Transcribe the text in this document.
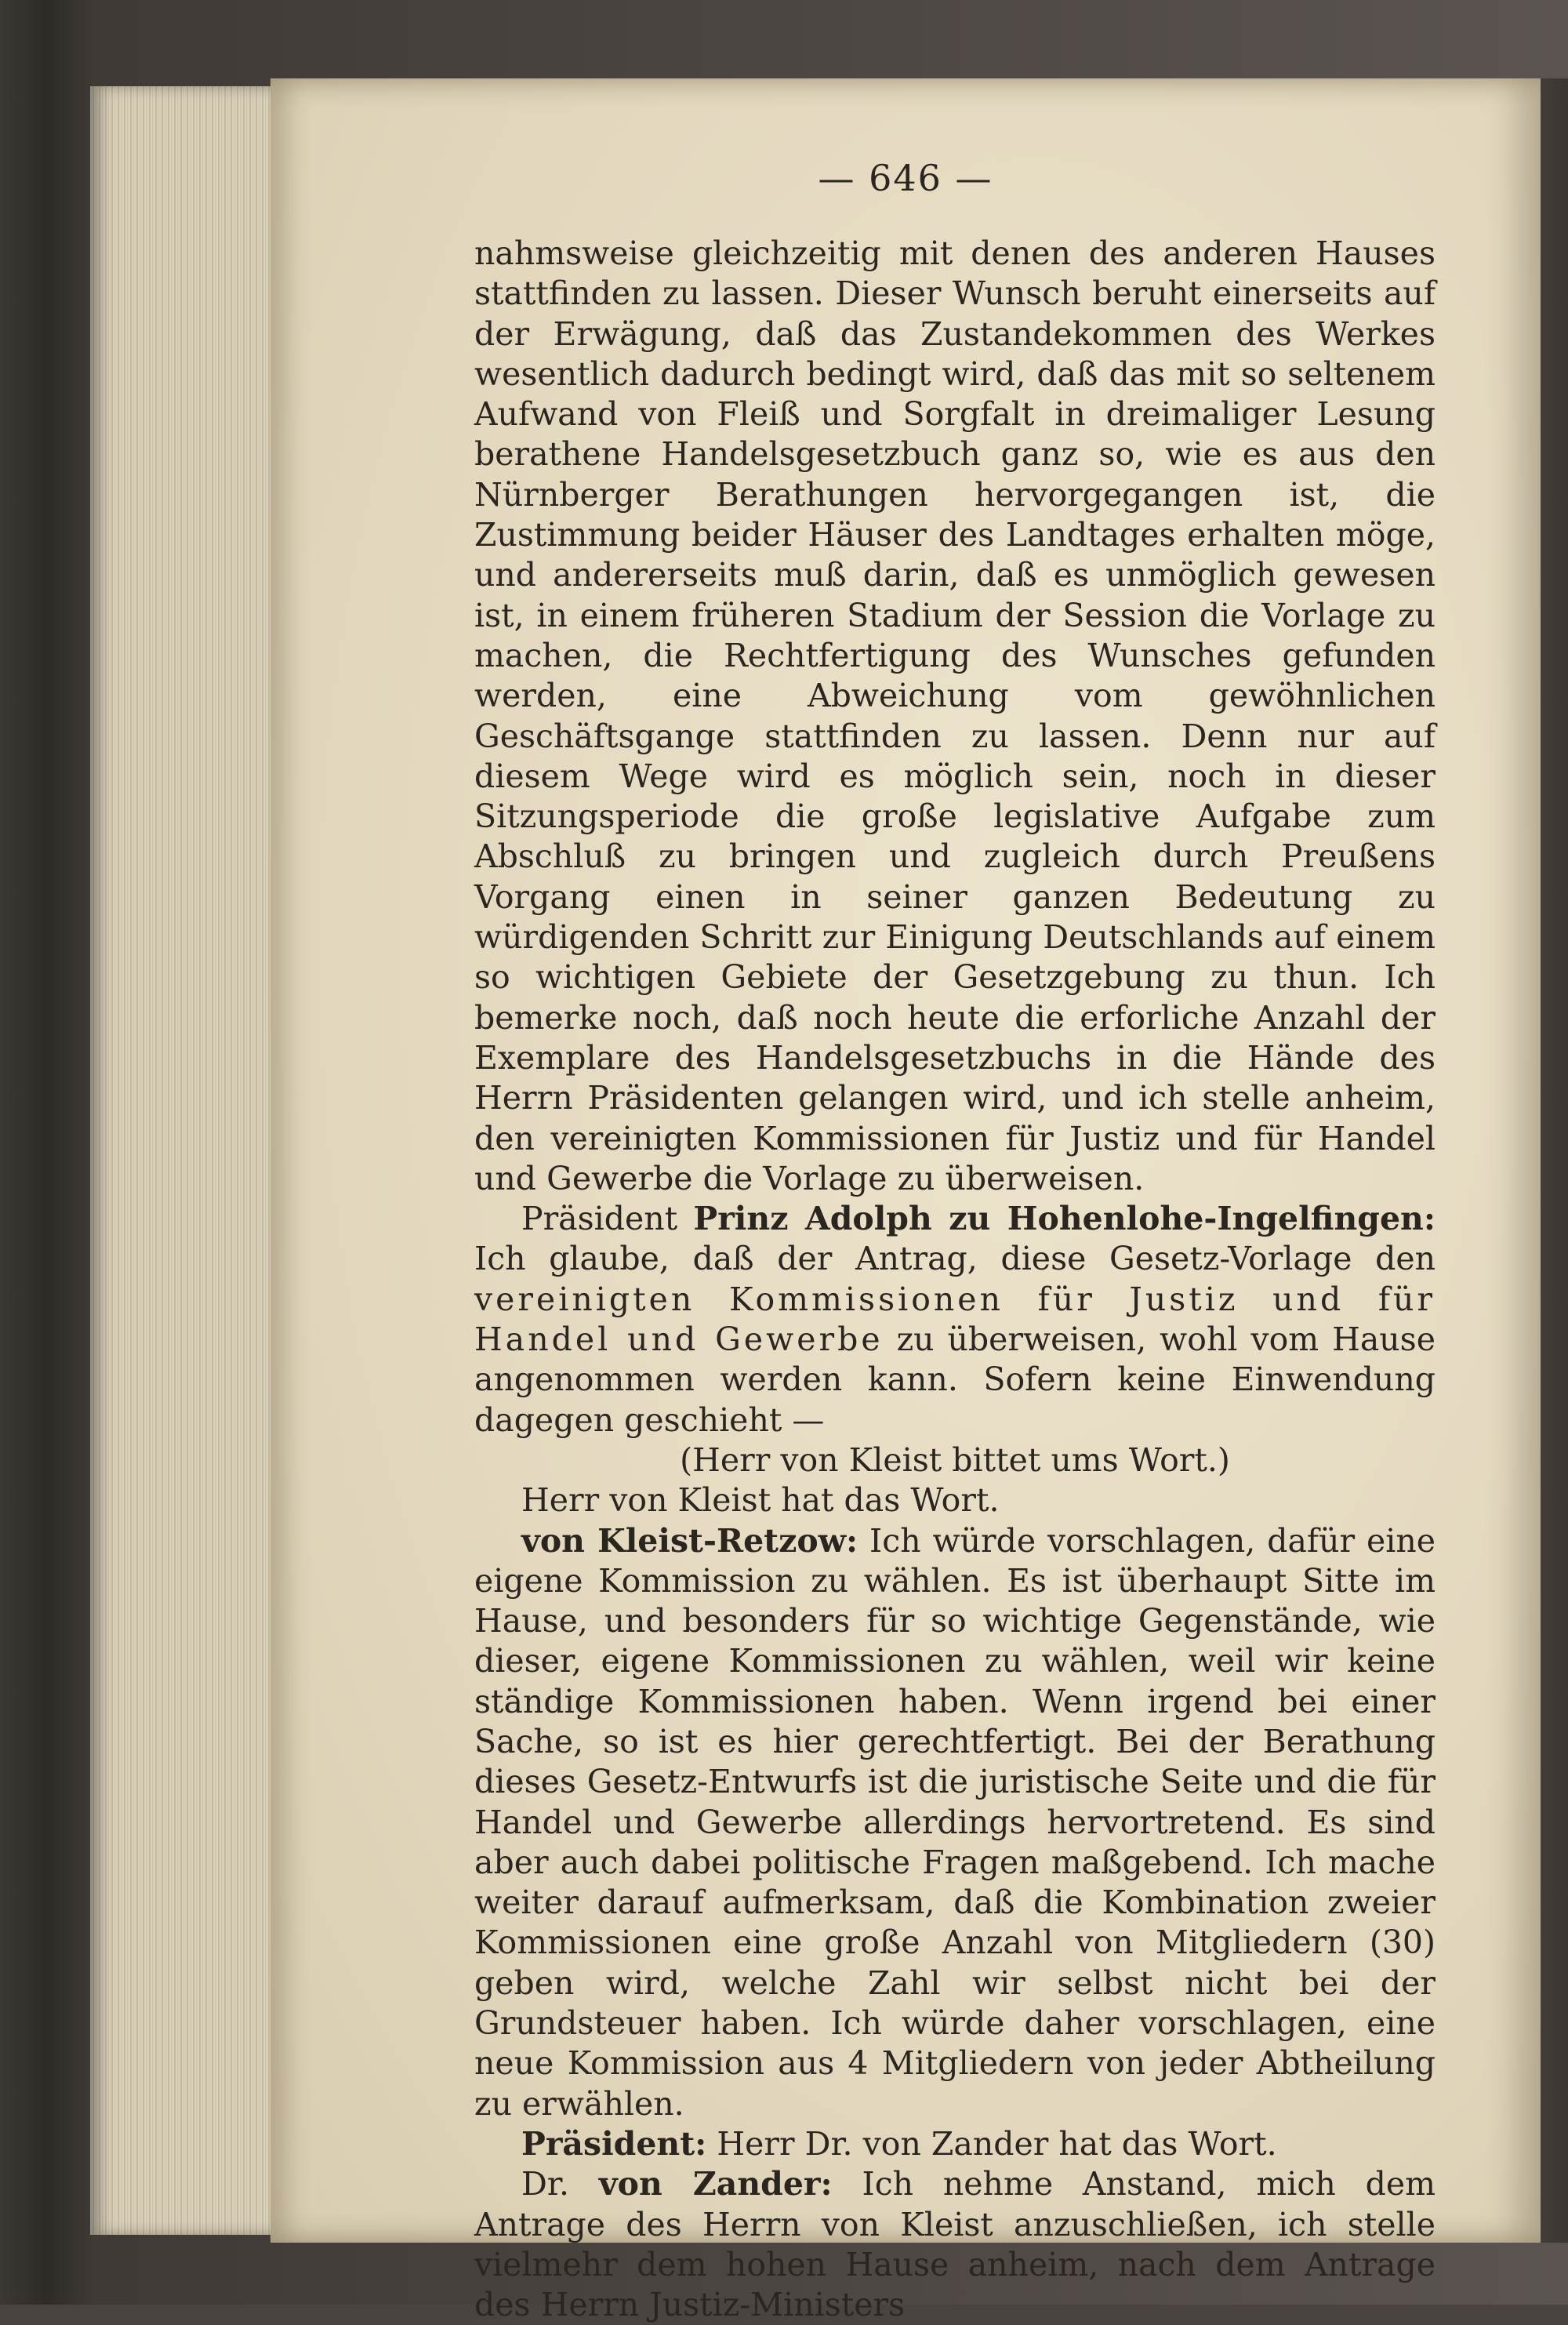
— 646 —

nahmsweise gleichzeitig mit denen des anderen Hauses stattfinden zu lassen. Dieser Wunsch beruht einerseits auf der Erwägung, daß das Zustandekommen des Werkes wesentlich dadurch bedingt wird, daß das mit so seltenem Aufwand von Fleiß und Sorgfalt in dreimaliger Lesung berathene Handelsgesetzbuch ganz so, wie es aus den Nürnberger Berathungen hervorgegangen ist, die Zustimmung beider Häuser des Landtages erhalten möge, und andererseits muß darin, daß es unmöglich gewesen ist, in einem früheren Stadium der Session die Vorlage zu machen, die Rechtfertigung des Wunsches gefunden werden, eine Abweichung vom gewöhnlichen Geschäftsgange stattfinden zu lassen. Denn nur auf diesem Wege wird es möglich sein, noch in dieser Sitzungsperiode die große legislative Aufgabe zum Abschluß zu bringen und zugleich durch Preußens Vorgang einen in seiner ganzen Bedeutung zu würdigenden Schritt zur Einigung Deutschlands auf einem so wichtigen Gebiete der Gesetzgebung zu thun. Ich bemerke noch, daß noch heute die erforliche Anzahl der Exemplare des Handelsgesetzbuchs in die Hände des Herrn Präsidenten gelangen wird, und ich stelle anheim, den vereinigten Kommissionen für Justiz und für Handel und Gewerbe die Vorlage zu überweisen.

Präsident Prinz Adolph zu Hohenlohe-Ingelfingen: Ich glaube, daß der Antrag, diese Gesetz-Vorlage den vereinigten Kommissionen für Justiz und für Handel und Gewerbe zu überweisen, wohl vom Hause angenommen werden kann. Sofern keine Einwendung dagegen geschieht —

(Herr von Kleist bittet ums Wort.)

Herr von Kleist hat das Wort.

von Kleist-Retzow: Ich würde vorschlagen, dafür eine eigene Kommission zu wählen. Es ist überhaupt Sitte im Hause, und besonders für so wichtige Gegenstände, wie dieser, eigene Kommissionen zu wählen, weil wir keine ständige Kommissionen haben. Wenn irgend bei einer Sache, so ist es hier gerechtfertigt. Bei der Berathung dieses Gesetz-Entwurfs ist die juristische Seite und die für Handel und Gewerbe allerdings hervortretend. Es sind aber auch dabei politische Fragen maßgebend. Ich mache weiter darauf aufmerksam, daß die Kombination zweier Kommissionen eine große Anzahl von Mitgliedern (30) geben wird, welche Zahl wir selbst nicht bei der Grundsteuer haben. Ich würde daher vorschlagen, eine neue Kommission aus 4 Mitgliedern von jeder Abtheilung zu erwählen.

Präsident: Herr Dr. von Zander hat das Wort.

Dr. von Zander: Ich nehme Anstand, mich dem Antrage des Herrn von Kleist anzuschließen, ich stelle vielmehr dem hohen Hause anheim, nach dem Antrage des Herrn Justiz-Ministers
